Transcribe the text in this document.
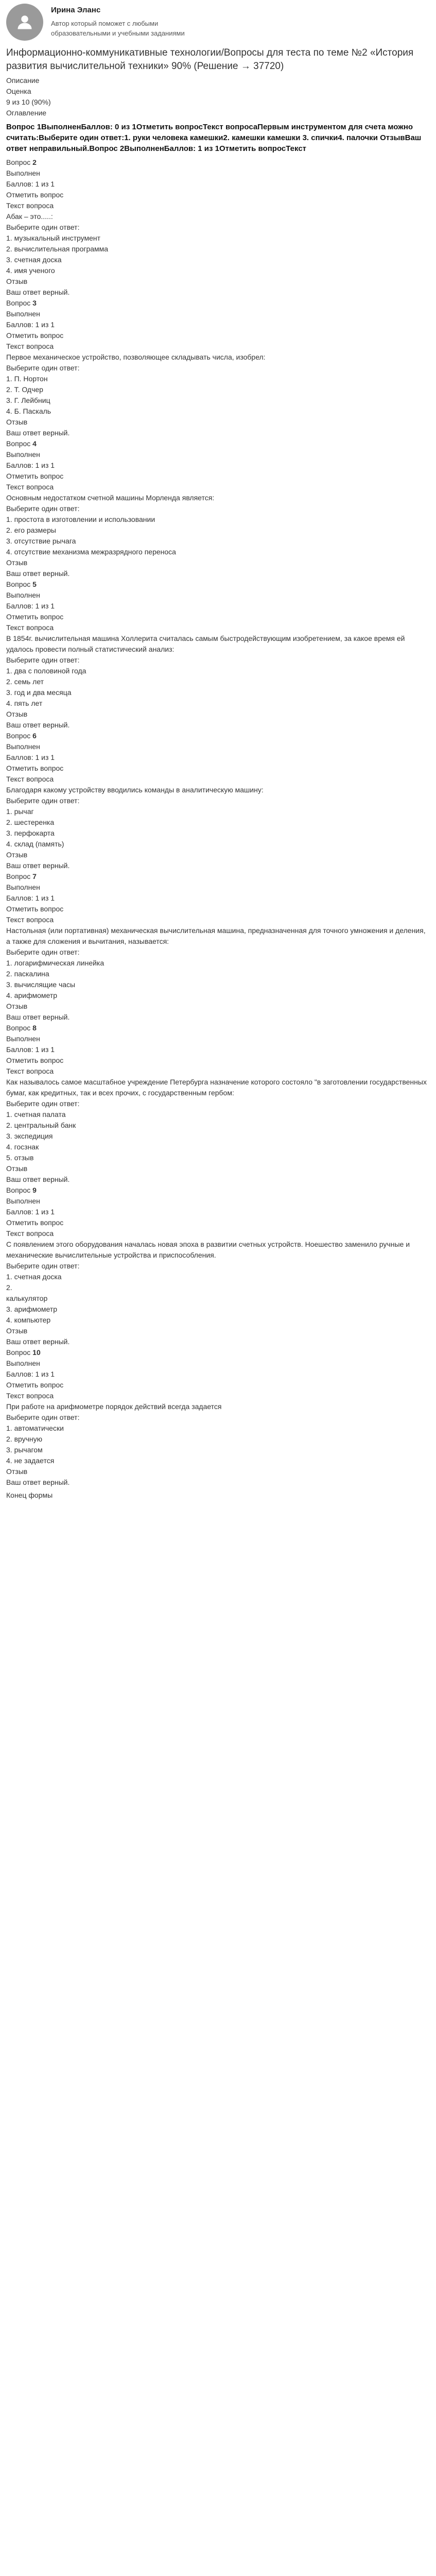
Ирина Эланс
Автор который поможет с любыми образовательными и учебными заданиями
Информационно-коммуникативные технологии/Вопросы для теста по теме №2 «История развития вычислительной техники» 90% (Решение → 37720)
Описание
Оценка
9 из 10 (90%)
Оглавление
Вопрос 1ВыполненБаллов: 0 из 1Отметить вопросТекст вопросаПервым инструментом для счета можно считать:Выберите один ответ:1. руки человека камешки2. камешки камешки 3. спички4. палочки ОтзывВаш ответ неправильный.Вопрос 2ВыполненБаллов: 1 из 1Отметить вопросТекст
Вопрос 2
Выполнен
Баллов: 1 из 1
Отметить вопрос
Текст вопроса
Абак – это.....:
Выберите один ответ:
1. музыкальный инструмент
2. вычислительная программа
3. счетная доска
4. имя ученого
Отзыв
Ваш ответ верный.
Вопрос 3
Выполнен
Баллов: 1 из 1
Отметить вопрос
Текст вопроса
Первое механическое устройство, позволяющее складывать числа, изобрел:
Выберите один ответ:
1. П. Нортон
2. Т. Одчер
3. Г. Лейбниц
4. Б. Паскаль
Отзыв
Ваш ответ верный.
Вопрос 4
Выполнен
Баллов: 1 из 1
Отметить вопрос
Текст вопроса
Основным недостатком счетной машины Морленда является:
Выберите один ответ:
1. простота в изготовлении и использовании
2. его размеры
3. отсутствие рычага
4. отсутствие механизма межразрядного переноса
Отзыв
Ваш ответ верный.
Вопрос 5
Выполнен
Баллов: 1 из 1
Отметить вопрос
Текст вопроса
В 1854г. вычислительная машина Холлерита считалась самым быстродействующим изобретением, за какое время ей удалось провести полный статистический анализ:
Выберите один ответ:
1. два с половиной года
2. семь лет
3. год и два месяца
4. пять лет
Отзыв
Ваш ответ верный.
Вопрос 6
Выполнен
Баллов: 1 из 1
Отметить вопрос
Текст вопроса
Благодаря какому устройству вводились команды в аналитическую машину:
Выберите один ответ:
1. рычаг
2. шестеренка
3. перфокарта
4. склад (память)
Отзыв
Ваш ответ верный.
Вопрос 7
Выполнен
Баллов: 1 из 1
Отметить вопрос
Текст вопроса
Настольная (или портативная) механическая вычислительная машина, предназначенная для точного умножения и деления, а также для сложения и вычитания, называется:
Выберите один ответ:
1. логарифмическая линейка
2. паскалина
3. вычислящие часы
4. арифмометр
Отзыв
Ваш ответ верный.
Вопрос 8
Выполнен
Баллов: 1 из 1
Отметить вопрос
Текст вопроса
Как называлось самое масштабное учреждение Петербурга назначение которого состояло "в заготовлении государственных бумаг, как кредитных, так и всех прочих, с государственным гербом:
Выберите один ответ:
1. счетная палата
2. центральный банк
3. экспедиция
4. госзнак
5. отзыв
Отзыв
Ваш ответ верный.
Вопрос 9
Выполнен
Баллов: 1 из 1
Отметить вопрос
Текст вопроса
С появлением этого оборудования началась новая эпоха в развитии счетных устройств. Ноешество заменило ручные и механические вычислительные устройства и приспособления.
Выберите один ответ:
1. счетная доска
2.
калькулятор
3. арифмометр
4. компьютер
Отзыв
Ваш ответ верный.
Вопрос 10
Выполнен
Баллов: 1 из 1
Отметить вопрос
Текст вопроса
При работе на арифмометре порядок действий всегда задается
Выберите один ответ:
1. автоматически
2. вручную
3. рычагом
4. не задается
Отзыв
Ваш ответ верный.
Конец формы
